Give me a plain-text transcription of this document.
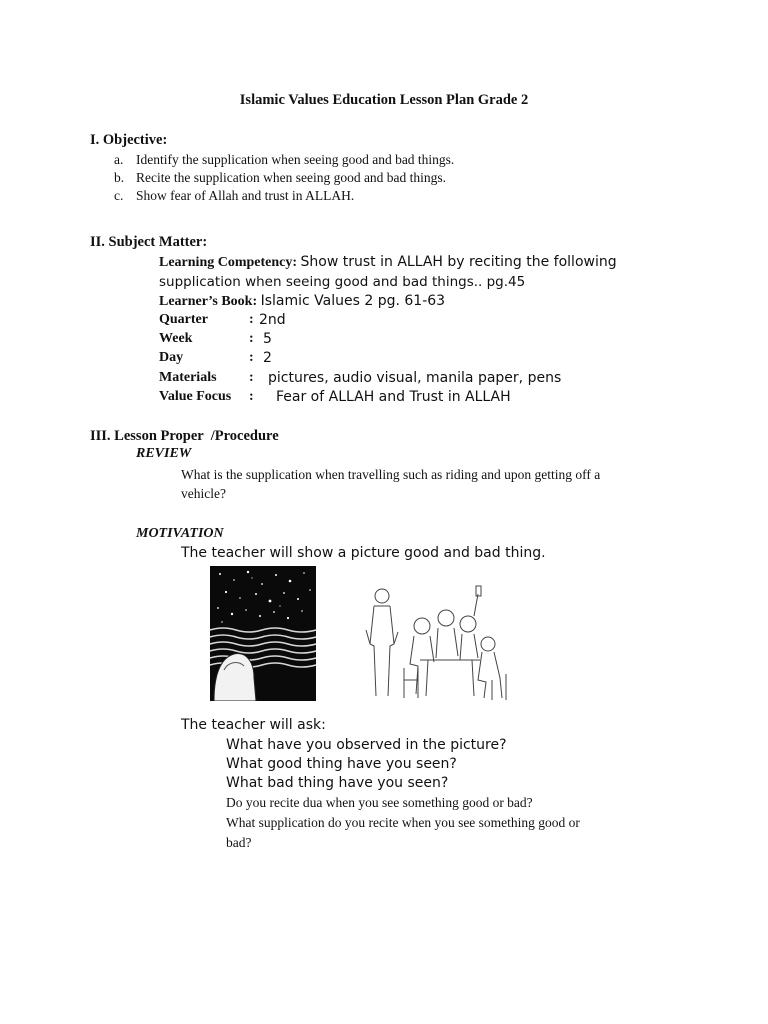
Islamic Values Education Lesson Plan Grade 2
I. Objective:
a. Identify the supplication when seeing good and bad things.
b. Recite the supplication when seeing good and bad things.
c. Show fear of Allah and trust in ALLAH.
II. Subject Matter:
Learning Competency: Show trust in ALLAH by reciting the following
supplication when seeing good and bad things.. pg.45
Learner’s Book: Islamic Values 2 pg. 61-63
Quarter	: 2nd
Week	: 5
Day	: 2
Materials : pictures, audio visual, manila paper, pens
Value Focus : Fear of ALLAH and Trust in ALLAH
III. Lesson Proper  /Procedure
REVIEW
What is the supplication when travelling such as riding and upon getting off a
vehicle?
MOTIVATION
The teacher will show a picture good and bad thing.
The teacher will ask:
What have you observed in the picture?
What good thing have you seen?
What bad thing have you seen?
Do you recite dua when you see something good or bad?
What supplication do you recite when you see something good or
bad?
